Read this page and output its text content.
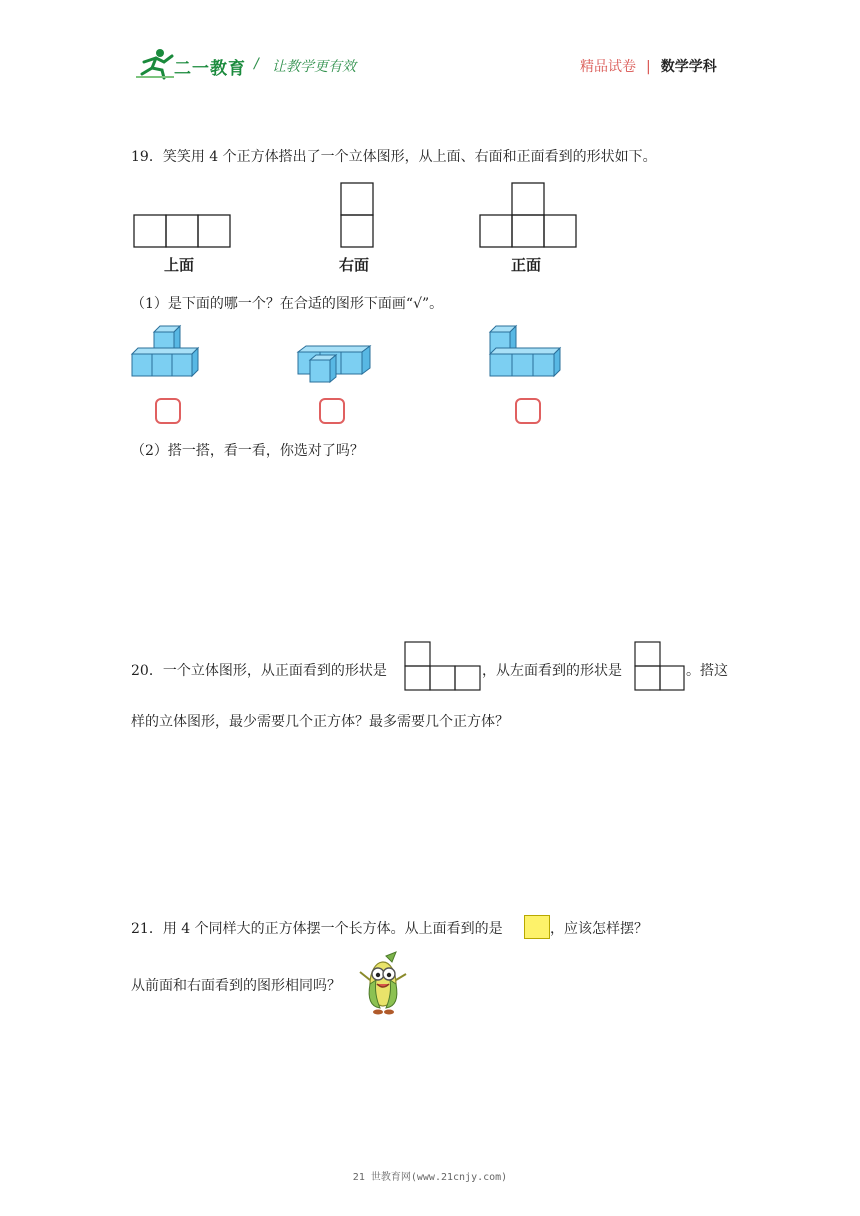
二一教育 / 让教学更有效	精品试卷 | 数学学科
19．笑笑用 4 个正方体搭出了一个立体图形，从上面、右面和正面看到的形状如下。
上面	右面	正面
（1）是下面的哪一个？在合适的图形下面画“√”。
（2）搭一搭，看一看，你选对了吗？
20．一个立体图形，从正面看到的形状是	，从左面看到的形状是	。搭这
样的立体图形，最少需要几个正方体？最多需要几个正方体？
21．用 4 个同样大的正方体摆一个长方体。从上面看到的是	，应该怎样摆？
从前面和右面看到的图形相同吗？
21 世教育网(www.21cnjy.com)
